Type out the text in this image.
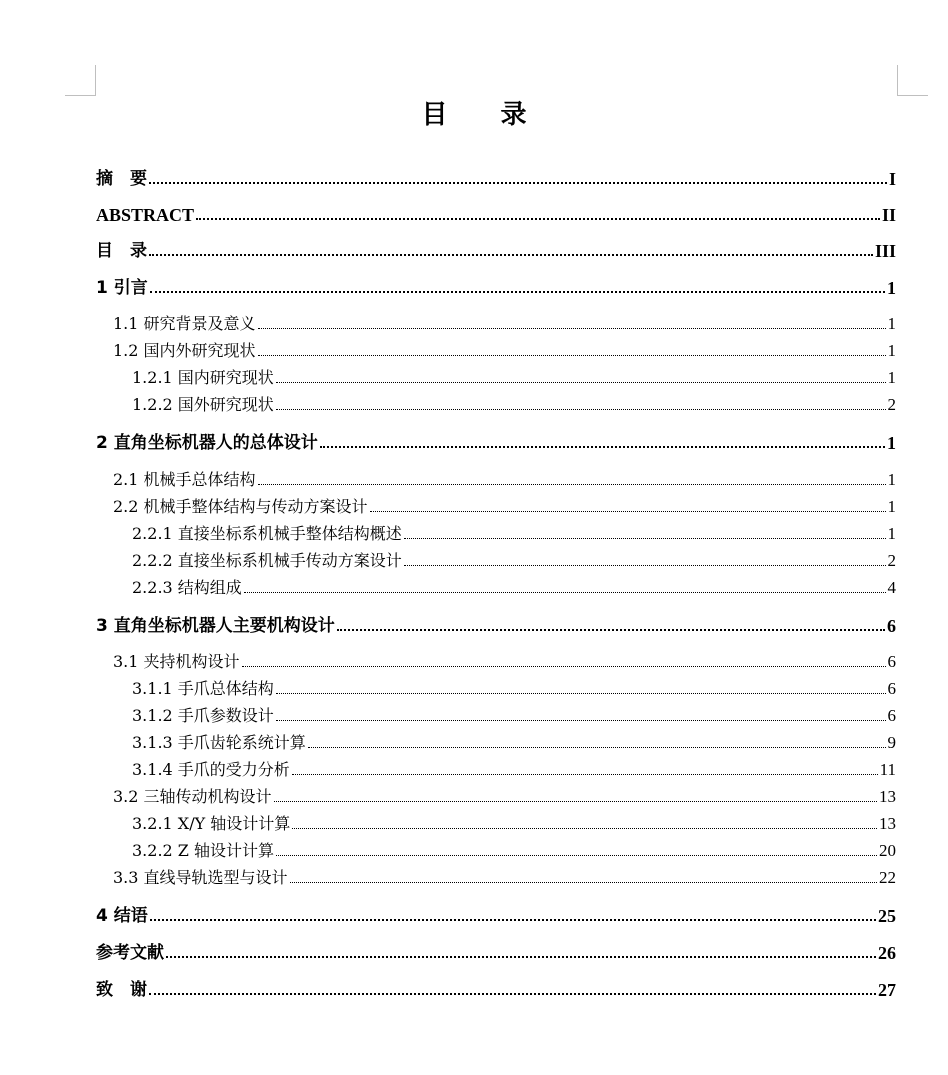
目 录
摘　要	I
ABSTRACT	II
目　录	III
1 引言	1
1.1 研究背景及意义	1
1.2 国内外研究现状	1
1.2.1 国内研究现状	1
1.2.2 国外研究现状	2
2 直角坐标机器人的总体设计	1
2.1 机械手总体结构	1
2.2 机械手整体结构与传动方案设计	1
2.2.1 直接坐标系机械手整体结构概述	1
2.2.2 直接坐标系机械手传动方案设计	2
2.2.3 结构组成	4
3 直角坐标机器人主要机构设计	6
3.1 夹持机构设计	6
3.1.1 手爪总体结构	6
3.1.2 手爪参数设计	6
3.1.3 手爪齿轮系统计算	9
3.1.4 手爪的受力分析	11
3.2 三轴传动机构设计	13
3.2.1 X/Y 轴设计计算	13
3.2.2 Z 轴设计计算	20
3.3 直线导轨选型与设计	22
4 结语	25
参考文献	26
致　谢	27
